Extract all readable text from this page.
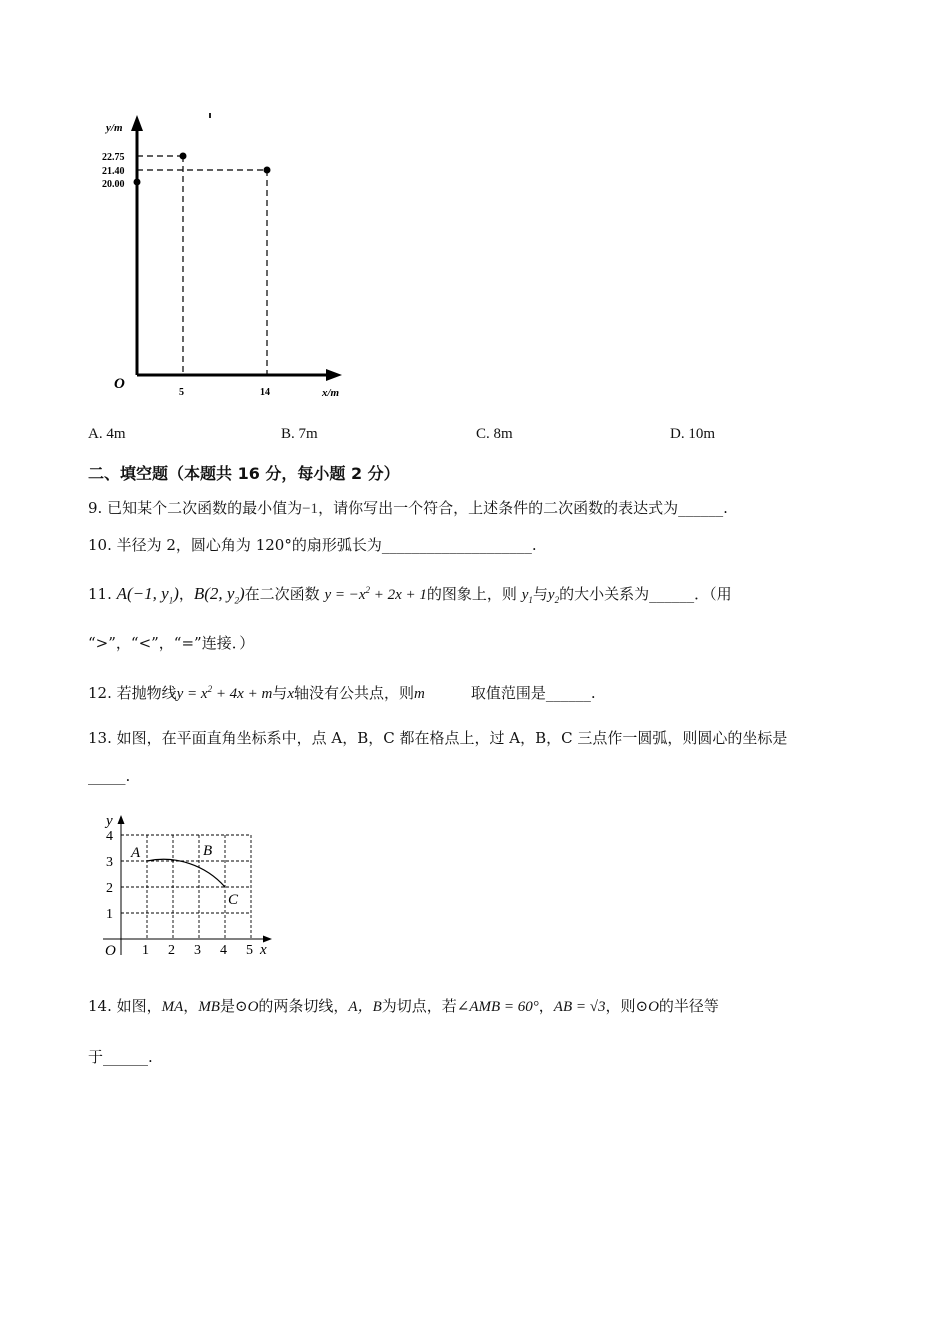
y/m
22.75
21.40
20.00
O
5	14	x/m
A. 4m	B. 7m	C. 8m	D. 10m
二、填空题（本题共 16 分，每小题 2 分）
9. 已知某个二次函数的最小值为−1，请你写出一个符合，上述条件的二次函数的表达式为______.
10. 半径为 2，圆心角为 120°的扇形弧长为____________________.
11. A(−1, $y_1$)，B(2, $y_2$)在二次函数 $y = -x^2 + 2x + 1$的图象上，则 $y_1$与$y_2$的大小关系为______．（用
“>”，“<”，“=”连接．）
12. 若抛物线$y = x^2 + 4x + m$与x轴没有公共点，则m	取值范围是______.
13. 如图，在平面直角坐标系中，点 A，B，C 都在格点上，过 A，B，C 三点作一圆弧，则圆心的坐标是
_____.
y
x
O
4
3
2
1
1 2 3 4 5
A	B
C
14. 如图，MA，MB是⊙O的两条切线，A，B为切点，若∠AMB = 60°，AB = √3，则⊙O的半径等
于______.
